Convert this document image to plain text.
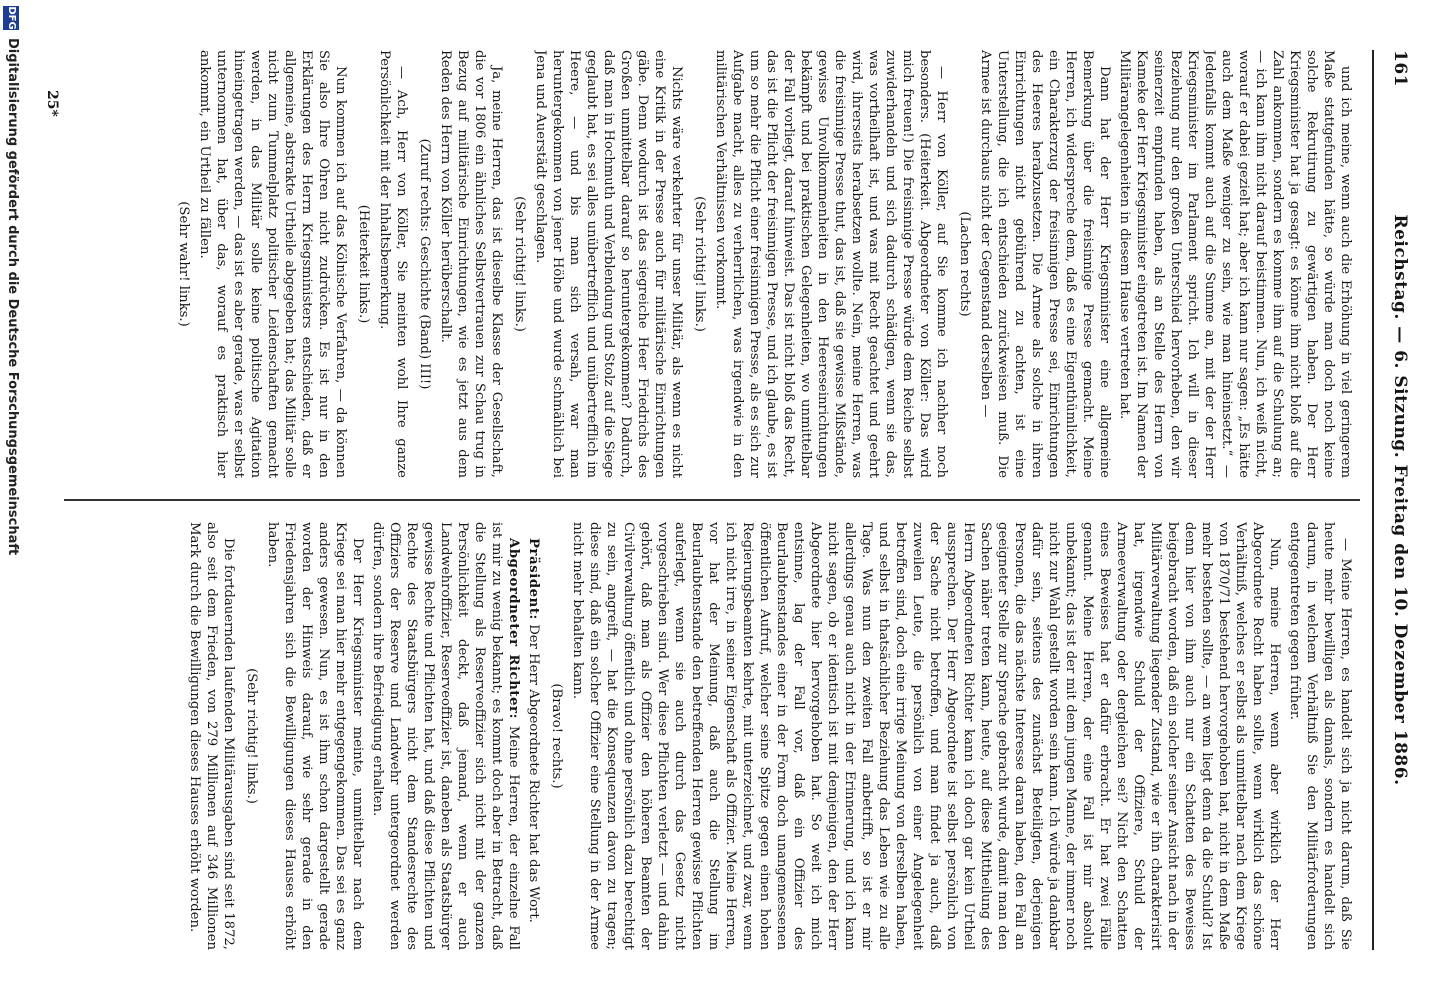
161
Reichstag. — 6. Sitzung. Freitag den 10. Dezember 1886.

und ich meine, wenn auch die Erhöhung in viel geringerem Maße stattgefunden hätte, so würde man doch noch keine solche Rekrutirung zu gewärtigen haben. Der Herr Kriegsminister hat ja gesagt: es könne ihm nicht bloß auf die Zahl ankommen, sondern es komme ihm auf die Schulung an; — ich kann ihm nicht darauf beistimmen. Nun, ich weiß nicht, worauf er dabei gezielt hat; aber ich kann nur sagen: „Es hätte auch dem Maße weniger zu sein, wie man hineinsetzt.“ — Jedenfalls kommt auch auf die Summe an, mit der der Herr Kriegsminister im Parlament spricht. Ich will in dieser Beziehung nur den großen Unterschied hervorheben, den wir seinerzeit empfunden haben, als an Stelle des Herrn von Kameke der Herr Kriegsminister eingetreten ist. Im Namen der Militärangelegenheiten in diesem Hause vertreten hat.

Dann hat der Herr Kriegsminister eine allgemeine Bemerkung über die freisinnige Presse gemacht. Meine Herren, ich widerspreche dem, daß es eine Eigenthümlichkeit, ein Charakterzug der freisinnigen Presse sei, Einrichtungen des Heeres herabzusetzen. Die Armee als solche in ihren Einrichtungen nicht gebührend zu achten, ist eine Unterstellung, die ich entschieden zurückweisen muß. Die Armee ist durchaus nicht der Gegenstand derselben —

(Lachen rechts)

— Herr von Köller, auf Sie komme ich nachher noch besonders. (Heiterkeit. Abgeordneter von Köller: Das wird mich freuen!) Die freisinnige Presse würde dem Reiche selbst zuwiderhandeln und sich dadurch schädigen, wenn sie das, was vortheilhaft ist, und was mit Recht geachtet und geehrt wird, ihrerseits herabsetzen wollte. Nein, meine Herren, was die freisinnige Presse thut, das ist, daß sie gewisse Mißstände, gewisse Unvollkommenheiten in den Heereseinrichtungen bekämpft und bei praktischen Gelegenheiten, wo unmittelbar der Fall vorliegt, darauf hinweist. Das ist nicht bloß das Recht, das ist die Pflicht der freisinnigen Presse, und ich glaube, es ist um so mehr die Pflicht einer freisinnigen Presse, als es sich zur Aufgabe macht, alles zu verherrlichen, was irgendwie in den militärischen Verhältnissen vorkommt.

(Sehr richtig! links.)

Nichts wäre verkehrter für unser Militär, als wenn es nicht eine Kritik in der Presse auch für militärische Einrichtungen gäbe. Denn wodurch ist das siegreiche Heer Friedrichs des Großen unmittelbar darauf so heruntergekommen? Dadurch, daß man in Hochmuth und Verblendung und Stolz auf die Siege geglaubt hat, es sei alles unübertrefflich und unübertrefflich im Heere, — und bis man sich versah, war man heruntergekommen von jener Höhe und wurde schmählich bei Jena und Auerstädt geschlagen.

(Sehr richtig! links.)

Ja, meine Herren, das ist dieselbe Klasse der Gesellschaft, die vor 1806 ein ähnliches Selbstvertrauen zur Schau trug in Bezug auf militärische Einrichtungen, wie es jetzt aus dem Reden des Herrn von Köller herüberschallt.

(Zuruf rechts: Geschichte (Band) III!)

— Ach, Herr von Köller, Sie meinten wohl Ihre ganze Persönlichkeit mit der Inhaltsbemerkung.

(Heiterkeit links.)

Nun kommen ich auf das Kölnische Verfahren, — da können Sie also Ihre Ohren nicht zudrücken. Es ist nur in den Erklärungen des Herrn Kriegsministers entschieden, daß er allgemeine, abstrakte Urtheile abgegeben hat; das Militär solle nicht zum Tummelplatz politischer Leidenschaften gemacht werden, in das Militär solle keine politische Agitation hineingetragen werden, — das ist es aber gerade, was er selbst unternommen hat, über das, worauf es praktisch hier ankommt, ein Urtheil zu fällen.

(Sehr wahr! links.)

— Meine Herren, es handelt sich ja nicht darum, daß Sie heute mehr bewilligen als damals, sondern es handelt sich darum, in welchem Verhältniß Sie den Militärforderungen entgegentreten gegen früher.

Nun, meine Herren, wenn aber wirklich der Herr Abgeordnete Recht haben sollte, wenn wirklich das schöne Verhältniß, welches er selbst als unmittelbar nach dem Kriege von 1870/71 bestehend hervorgehoben hat, nicht in dem Maße mehr bestehen sollte, — an wem liegt denn da die Schuld? Ist denn hier von ihm auch nur ein Schatten des Beweises beigebracht worden, daß ein solcher seiner Ansicht nach in der Militärverwaltung liegender Zustand, wie er ihn charakterisirt hat, irgendwie Schuld der Offiziere, Schuld der Armeeverwaltung oder dergleichen sei? Nicht den Schatten eines Beweises hat er dafür erbracht. Er hat zwei Fälle genannt. Meine Herren, der eine Fall ist mir absolut unbekannt; das ist der mit dem jungen Manne, der immer noch nicht zur Wahl gestellt worden sein kann. Ich würde ja dankbar dafür sein, seitens des zunächst Beteiligten, derjenigen Personen, die das nächste Interesse daran haben, den Fall an geeigneter Stelle zur Sprache gebracht wurde, damit man den Sachen näher treten kann, heute, auf diese Mittheilung des Herrn Abgeordneten Richter kann ich doch gar kein Urtheil aussprechen. Der Herr Abgeordnete ist selbst persönlich von der Sache nicht betroffen, und man findet ja auch, daß zuweilen Leute, die persönlich von einer Angelegenheit betroffen sind, doch eine irrige Meinung von derselben haben, und selbst in thatsächlicher Beziehung das Leben wie zu alle Tage. Was nun den zweiten Fall anbetrifft, so ist er mir allerdings genau auch nicht in der Erinnerung, und ich kann nicht sagen, ob er identisch ist mit demjenigen, den der Herr Abgeordnete hier hervorgehoben hat. So weit ich mich entsinne, lag der Fall vor, daß ein Offizier des Beurlaubtenstandes einer in der Form doch unangemessenen öffentlichen Aufruf, welcher seine Spitze gegen einen hohen Regierungsbeamten kehrte, mit unterzeichnet, und zwar, wenn ich nicht irre, in seiner Eigenschaft als Offizier. Meine Herren, vor hat der Meinung, daß auch die Stellung im Beurlaubtenstande den betreffenden Herren gewisse Pflichten auferlegt, wenn sie auch durch das Gesetz nicht vorgeschrieben sind. Wer diese Pflichten verletzt — und dahin gehört, daß man als Offizier den höheren Beamten der Civilverwaltung öffentlich und ohne persönlich dazu berechtigt zu sein, angreift, — hat die Konsequenzen davon zu tragen; diese sind, daß ein solcher Offizier eine Stellung in der Armee nicht mehr behalten kann.

(Bravo! rechts.)

Präsident: Der Herr Abgeordnete Richter hat das Wort.

Abgeordneter Richter: Meine Herren, der einzelne Fall ist mir zu wenig bekannt; es kommt doch aber in Betracht, daß die Stellung als Reserveoffizier sich nicht mit der ganzen Persönlichkeit deckt, daß jemand, wenn er auch Landwehroffizier, Reserveoffizier ist, daneben als Staatsbürger gewisse Rechte und Pflichten hat, und daß diese Pflichten und Rechte des Staatsbürgers nicht dem Standesrechte des Offiziers der Reserve und Landwehr untergeordnet werden dürfen, sondern ihre Befriedigung erhalten.

Der Herr Kriegsminister meinte, unmittelbar nach dem Kriege sei man hier mehr entgegengekommen. Das sei es ganz anders gewesen. Nun, es ist ihm schon dargestellt gerade worden der Hinweis darauf, wie sehr gerade in den Friedensjahren sich die Bewilligungen dieses Hauses erhöht haben.

(Sehr richtig! links.)

Die fortdauernden laufenden Militärausgaben sind seit 1872, also seit dem Frieden, von 279 Millionen auf 346 Millionen Mark durch die Bewilligungen dieses Hauses erhöht worden.

25*
DFG
Digitalisierung gefördert durch die Deutsche Forschungsgemeinschaft
